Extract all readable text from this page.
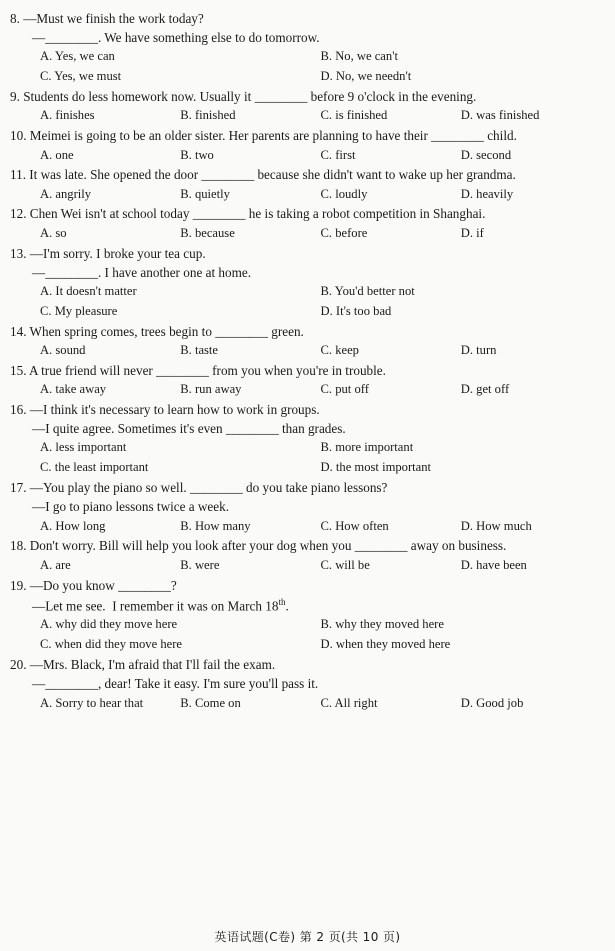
8. —Must we finish the work today?
—________. We have something else to do tomorrow.
A. Yes, we can	B. No, we can't
C. Yes, we must	D. No, we needn't
9. Students do less homework now. Usually it ________ before 9 o'clock in the evening.
A. finishes	B. finished	C. is finished	D. was finished
10. Meimei is going to be an older sister. Her parents are planning to have their ________ child.
A. one	B. two	C. first	D. second
11. It was late. She opened the door ________ because she didn't want to wake up her grandma.
A. angrily	B. quietly	C. loudly	D. heavily
12. Chen Wei isn't at school today ________ he is taking a robot competition in Shanghai.
A. so	B. because	C. before	D. if
13. —I'm sorry. I broke your tea cup.
—________. I have another one at home.
A. It doesn't matter	B. You'd better not
C. My pleasure	D. It's too bad
14. When spring comes, trees begin to ________ green.
A. sound	B. taste	C. keep	D. turn
15. A true friend will never ________ from you when you're in trouble.
A. take away	B. run away	C. put off	D. get off
16. —I think it's necessary to learn how to work in groups.
—I quite agree. Sometimes it's even ________ than grades.
A. less important	B. more important
C. the least important	D. the most important
17. —You play the piano so well. ________ do you take piano lessons?
—I go to piano lessons twice a week.
A. How long	B. How many	C. How often	D. How much
18. Don't worry. Bill will help you look after your dog when you ________ away on business.
A. are	B. were	C. will be	D. have been
19. —Do you know ________?
—Let me see.  I remember it was on March 18th.
A. why did they move here	B. why they moved here
C. when did they move here	D. when they moved here
20. —Mrs. Black, I'm afraid that I'll fail the exam.
—________, dear! Take it easy. I'm sure you'll pass it.
A. Sorry to hear that	B. Come on	C. All right	D. Good job
英语试题(C卷) 第 2 页(共 10 页)
